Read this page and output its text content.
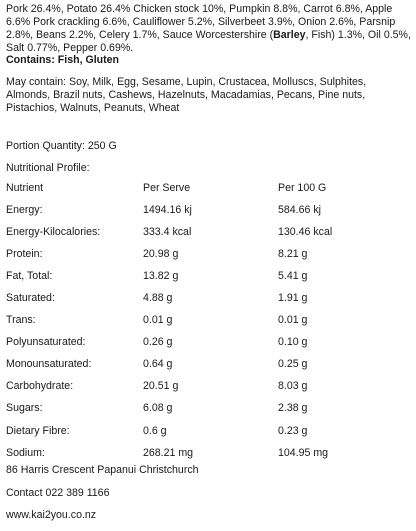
Pork 26.4%, Potato 26.4% Chicken stock 10%, Pumpkin 8.8%, Carrot 6.8%, Apple 6.6% Pork crackling 6.6%, Cauliflower 5.2%, Silverbeet 3.9%, Onion 2.6%, Parsnip 2.8%, Beans 2.2%, Celery 1.7%, Sauce Worcestershire (Barley, Fish) 1.3%, Oil 0.5%, Salt 0.77%, Pepper 0.69%.

Contains: Fish, Gluten

May contain: Soy, Milk, Egg, Sesame, Lupin, Crustacea, Molluscs, Sulphites, Almonds, Brazil nuts, Cashews, Hazelnuts, Macadamias, Pecans, Pine nuts, Pistachios, Walnuts, Peanuts, Wheat

Portion Quantity: 250 G

Nutritional Profile:

Nutrient	Per Serve	Per 100 G
Energy:	1494.16 kj	584.66 kj
Energy-Kilocalories:	333.4 kcal	130.46 kcal
Protein:	20.98 g	8.21 g
Fat, Total:	13.82 g	5.41 g
Saturated:	4.88 g	1.91 g
Trans:	0.01 g	0.01 g
Polyunsaturated:	0.26 g	0.10 g
Monounsaturated:	0.64 g	0.25 g
Carbohydrate:	20.51 g	8.03 g
Sugars:	6.08 g	2.38 g
Dietary Fibre:	0.6 g	0.23 g
Sodium:	268.21 mg	104.95 mg

86 Harris Crescent Papanui Christchurch

Contact 022 389 1166

www.kai2you.co.nz
